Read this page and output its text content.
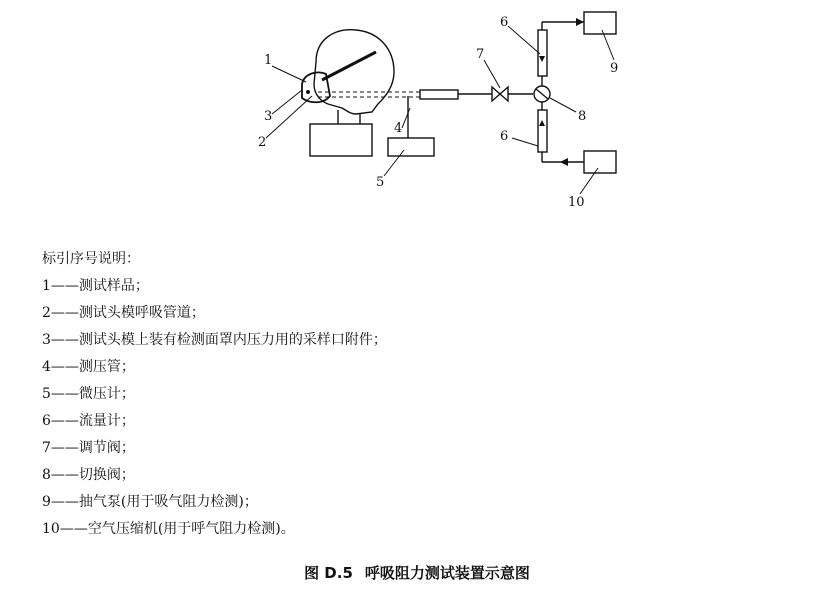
1
3
2
4
5
6
7
8
6
9
10
标引序号说明：
1——测试样品；
2——测试头模呼吸管道；
3——测试头模上装有检测面罩内压力用的采样口附件；
4——测压管；
5——微压计；
6——流量计；
7——调节阀；
8——切换阀；
9——抽气泵(用于吸气阻力检测)；
10——空气压缩机(用于呼气阻力检测)。
图 D.5 呼吸阻力测试装置示意图
